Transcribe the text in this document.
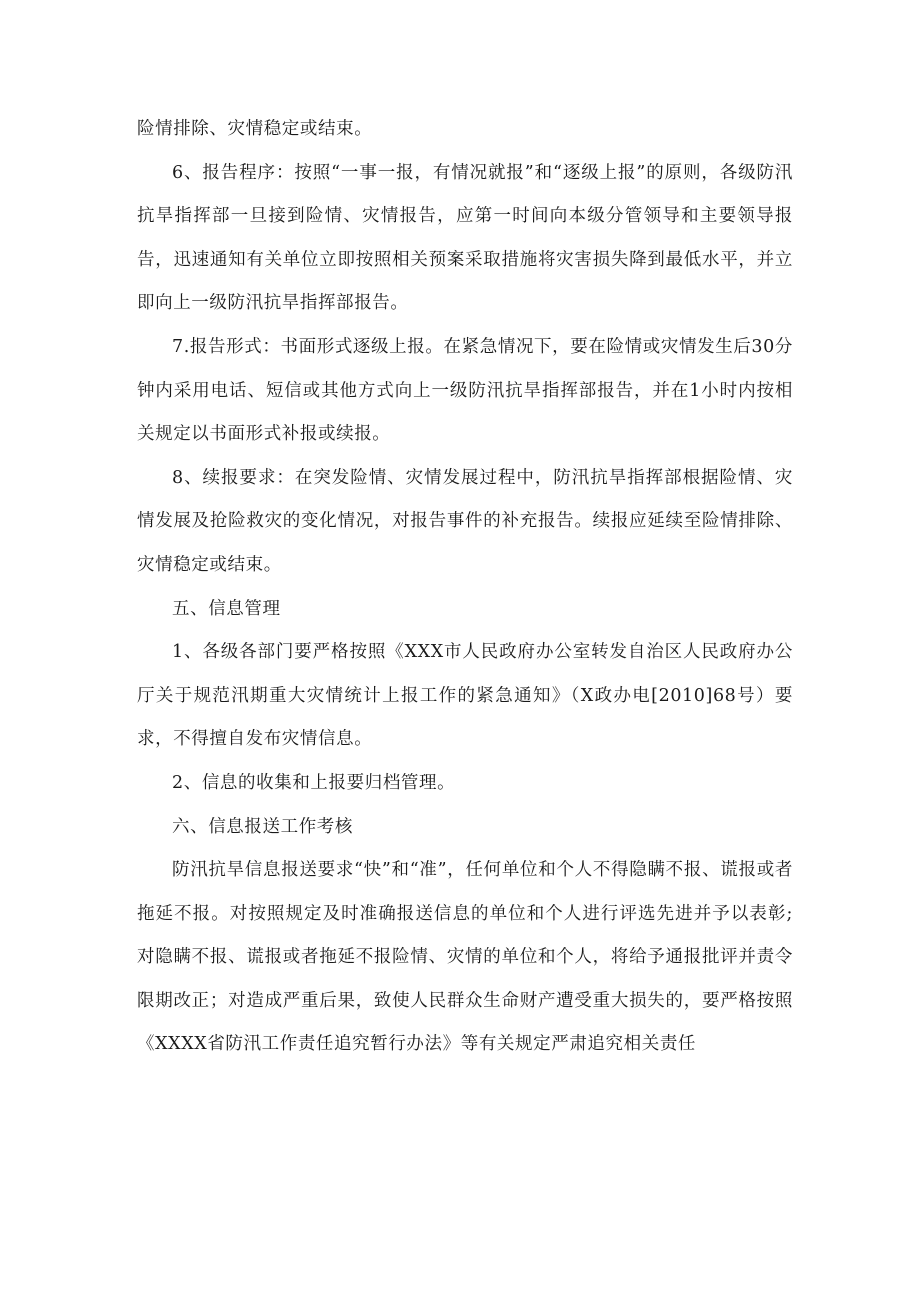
险情排除、灾情稳定或结束。

6、报告程序：按照“一事一报，有情况就报”和“逐级上报”的原则，各级防汛抗旱指挥部一旦接到险情、灾情报告，应第一时间向本级分管领导和主要领导报告，迅速通知有关单位立即按照相关预案采取措施将灾害损失降到最低水平，并立即向上一级防汛抗旱指挥部报告。

7.报告形式：书面形式逐级上报。在紧急情况下，要在险情或灾情发生后30分钟内采用电话、短信或其他方式向上一级防汛抗旱指挥部报告，并在1小时内按相关规定以书面形式补报或续报。

8、续报要求：在突发险情、灾情发展过程中，防汛抗旱指挥部根据险情、灾情发展及抢险救灾的变化情况，对报告事件的补充报告。续报应延续至险情排除、灾情稳定或结束。

五、信息管理

1、各级各部门要严格按照《XXX市人民政府办公室转发自治区人民政府办公厅关于规范汛期重大灾情统计上报工作的紧急通知》（X政办电[2010]68号）要求，不得擅自发布灾情信息。

2、信息的收集和上报要归档管理。

六、信息报送工作考核

防汛抗旱信息报送要求“快”和“准”，任何单位和个人不得隐瞒不报、谎报或者拖延不报。对按照规定及时准确报送信息的单位和个人进行评选先进并予以表彰;对隐瞒不报、谎报或者拖延不报险情、灾情的单位和个人，将给予通报批评并责令限期改正；对造成严重后果，致使人民群众生命财产遭受重大损失的，要严格按照《XXXX省防汛工作责任追究暂行办法》等有关规定严肃追究相关责任
